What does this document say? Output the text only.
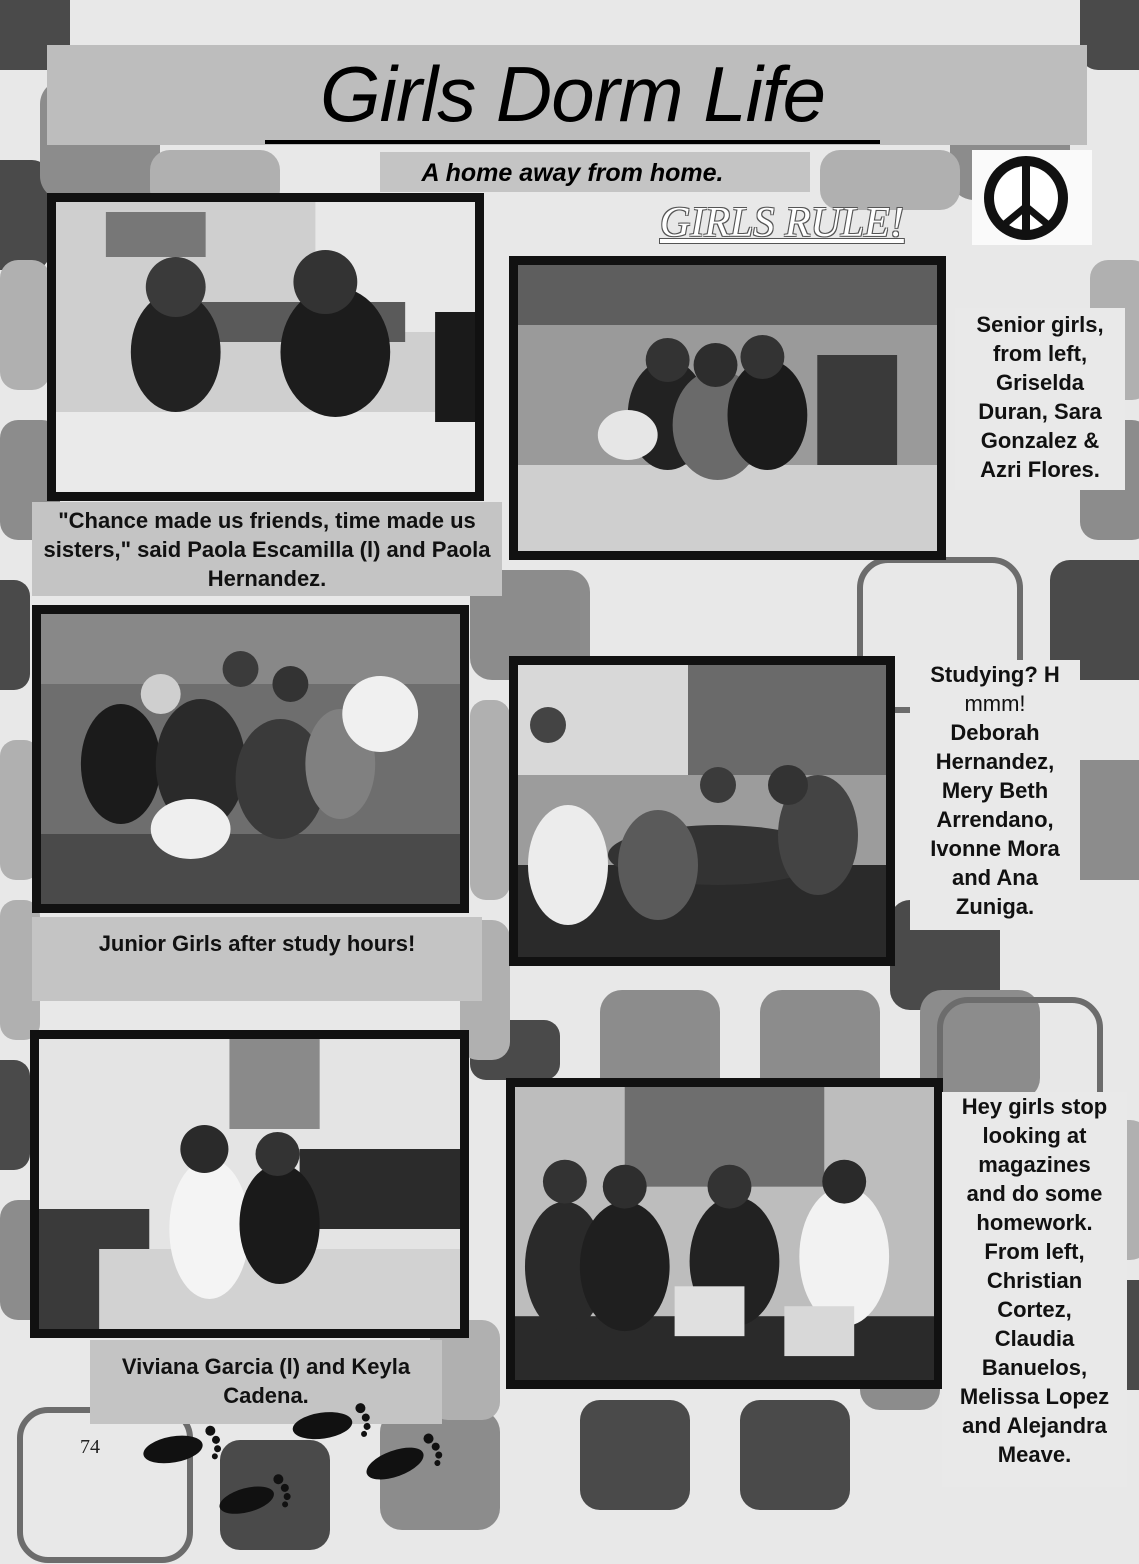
Girls Dorm Life
A home away from home.
GIRLS RULE!
"Chance made us friends, time made us sisters," said Paola Escamilla (l) and Paola Hernandez.
Senior girls,
from left,
Griselda
Duran, Sara
Gonzalez &
Azri Flores.
Junior Girls after study hours!
Studying? H
mmm!
Deborah
Hernandez,
Mery Beth
Arrendano,
Ivonne Mora
and Ana
Zuniga.
Viviana Garcia (l) and Keyla Cadena.
Hey girls stop
looking at
magazines
and do some
homework.
From left,
Christian
Cortez,
Claudia
Banuelos,
Melissa Lopez
and Alejandra
Meave.
74
